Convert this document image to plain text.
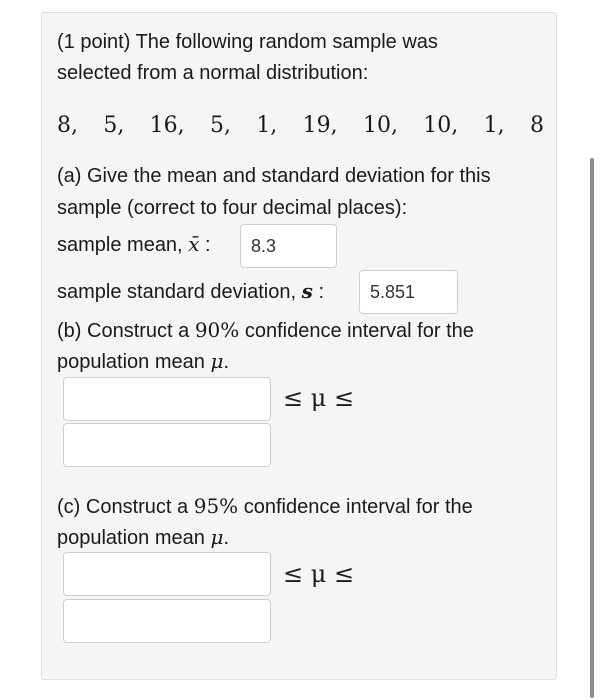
(1 point) The following random sample was
selected from a normal distribution:
8, 5, 16, 5, 1, 19, 10, 10, 1, 8
(a) Give the mean and standard deviation for this
sample (correct to four decimal places):
sample mean, x̄ :	8.3
sample standard deviation, s :	5.851
(b) Construct a 90% confidence interval for the
population mean μ.
≤ μ ≤
(c) Construct a 95% confidence interval for the
population mean μ.
≤ μ ≤
